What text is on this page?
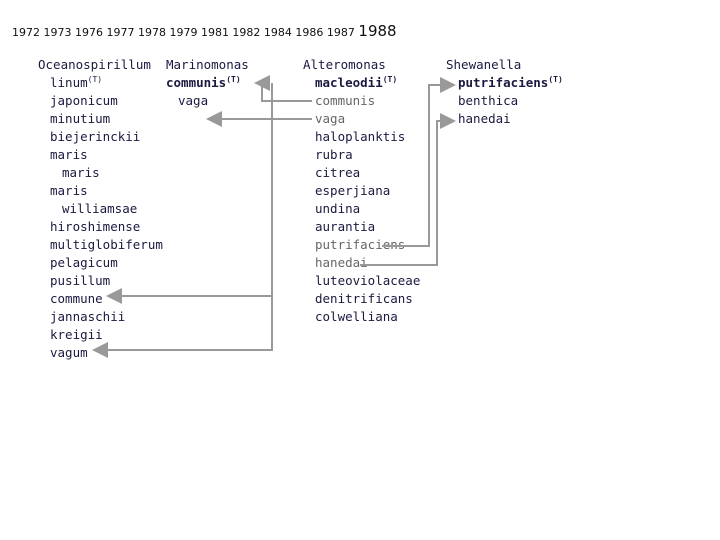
1972 1973 1976 1977 1978 1979 1981 1982 1984 1986 1987 1988
Oceanospirillum
linum$^{(T)}$
japonicum
minutium
biejerinckii
maris
maris
maris
williamsae
hiroshimense
multiglobiferum
pelagicum
pusillum
commune
jannaschii
kreigii
vagum
Marinomonas
communis$^{(T)}$
vaga
Alteromonas
macleodii$^{(T)}$
communis
vaga
haloplanktis
rubra
citrea
esperjiana
undina
aurantia
putrifaciens
hanedai
luteoviolaceae
denitrificans
colwelliana
Shewanella
putrifaciens$^{(T)}$
benthica
hanedai
